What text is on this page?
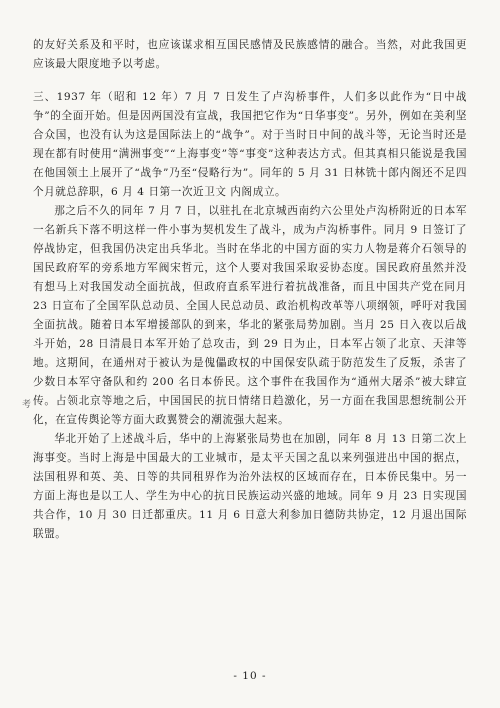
的友好关系及和平时，也应该谋求相互国民感情及民族感情的融合。当然，对此我国更应该最大限度地予以考虑。

三、1937 年（昭和 12 年）7 月 7 日发生了卢沟桥事件，人们多以此作为“日中战争”的全面开始。但是因两国没有宣战，我国把它作为“日华事变”。另外，例如在美利坚合众国，也没有认为这是国际法上的“战争”。对于当时日中间的战斗等，无论当时还是现在都有时使用“满洲事变”“上海事变”等“事变”这种表达方式。但其真相只能说是我国在他国领土上展开了“战争”乃至“侵略行为”。同年的 5 月 31 日林铣十郎内阁还不足四个月就总辞职，6 月 4 日第一次近卫文 内阁成立。

那之后不久的同年 7 月 7 日，以驻扎在北京城西南约六公里处卢沟桥附近的日本军一名新兵下落不明这样一件小事为契机发生了战斗，成为卢沟桥事件。同月 9 日签订了停战协定，但我国仍决定出兵华北。当时在华北的中国方面的实力人物是蒋介石领导的国民政府军的旁系地方军阀宋哲元，这个人要对我国采取妥协态度。国民政府虽然并没有想马上对我国发动全面抗战，但政府直系军进行着抗战准备，而且中国共产党在同月 23 日宣布了全国军队总动员、全国人民总动员、政治机构改革等八项纲领，呼吁对我国全面抗战。随着日本军增援部队的到来，华北的紧张局势加剧。当月 25 日入夜以后战斗开始，28 日清晨日本军开始了总攻击，到 29 日为止，日本军占领了北京、天津等地。这期间，在通州对于被认为是傀儡政权的中国保安队疏于防范发生了反叛，杀害了少数日本军守备队和约 200 名日本侨民。这个事件在我国作为“通州大屠杀”被大肆宣传。占领北京等地之后，中国国民的抗日情绪日趋激化，另一方面在我国思想统制公开化，在宣传舆论等方面大政翼赞会的潮流强大起来。

华北开始了上述战斗后，华中的上海紧张局势也在加剧，同年 8 月 13 日第二次上海事变。当时上海是中国最大的工业城市，是太平天国之乱以来列强进出中国的据点，法国租界和英、美、日等的共同租界作为治外法权的区域而存在，日本侨民集中。另一方面上海也是以工人、学生为中心的抗日民族运动兴盛的地域。同年 9 月 23 日实现国共合作，10 月 30 日迁都重庆。11 月 6 日意大利参加日德防共协定，12 月退出国际联盟。

考
- 10 -
